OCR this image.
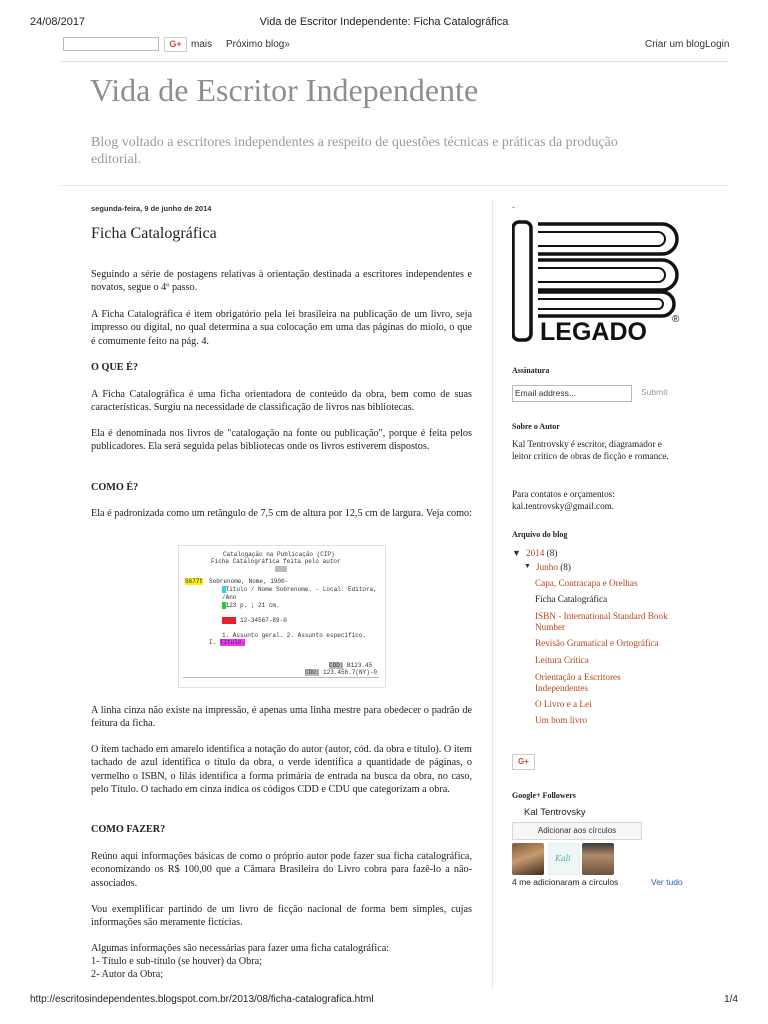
24/08/2017	Vida de Escritor Independente: Ficha Catalográfica
G+ mais Próximo blog»	Criar um blog Login
Vida de Escritor Independente
Blog voltado a escritores independentes a respeito de questões técnicas e práticas da produção editorial.
segunda-feira, 9 de junho de 2014
Ficha Catalográfica

Seguindo a série de postagens relativas à orientação destinada a escritores independentes e novatos, segue o 4º passo.

A Ficha Catalográfica é item obrigatório pela lei brasileira na publicação de um livro, seja impresso ou digital, no qual determina a sua colocação em uma das páginas do miolo, o que é comumente feito na pág. 4.

O QUE É?

A Ficha Catalográfica é uma ficha orientadora de conteúdo da obra, bem como de suas características. Surgiu na necessidade de classificação de livros nas bibliotecas.

Ela é denominada nos livros de "catalogação na fonte ou publicação", porque é feita pelos publicadores. Ela será seguida pelas bibliotecas onde os livros estiverem dispostos.

COMO É?

Ela é padronizada como um retângulo de 7,5 cm de altura por 12,5 cm de largura. Veja como:

Catalogação na Publicação (CIP)
Ficha Catalográfica feita pelo autor
S677t Sobrenome, Nome, 1900-
Título / Nome Sobrenome. - Local: Editora,
/Ano
123 p. ; 21 cm.
ISBN 12-34567-89-0
1. Assunto geral. 2. Assunto específico.
I. Título.
CDD: B123.45
CDU: 123.456.7(NY)-0

A linha cinza não existe na impressão, é apenas uma linha mestre para obedecer o padrão de feitura da ficha.

O item tachado em amarelo identifica a notação do autor (autor, cód. da obra e título). O item tachado de azul identifica o título da obra, o verde identifica a quantidade de páginas, o vermelho o ISBN, o lilás identifica a forma primária de entrada na busca da obra, no caso, pelo Título. O tachado em cinza indica os códigos CDD e CDU que categorizam a obra.

COMO FAZER?

Reúno aqui informações básicas de como o próprio autor pode fazer sua ficha catalográfica, economizando os R$ 100,00 que a Câmara Brasileira do Livro cobra para fazê-lo a não-associados.

Vou exemplificar partindo de um livro de ficção nacional de forma bem simples, cujas informações são meramente fictícias.

Algumas informações são necessárias para fazer uma ficha catalográfica:

1- Título e sub-título (se houver) da Obra;
2- Autor da Obra;
-
LEGADO	®
Assinatura
Email address...	Submit
Sobre o Autor
Kal Tentrovsky é escritor, diagramador e leitor crítico de obras de ficção e romance.
Para contatos e orçamentos: kal.tentrovsky@gmail.com.
Arquivo do blog
▼ 2014 (8)
▼ Junho (8)
Capa, Contracapa e Orelhas
Ficha Catalográfica
ISBN - International Standard Book Number
Revisão Gramatical e Ortográfica
Leitura Crítica
Orientação a Escritores Independentes
O Livro e a Lei
Um bom livro
G+
Google+ Followers
Kal Tentrovsky
Adicionar aos círculos
Kali
4 me adicionaram a círculos	Ver tudo
http://escritosindependentes.blogspot.com.br/2013/08/ficha-catalografica.html	1/4
